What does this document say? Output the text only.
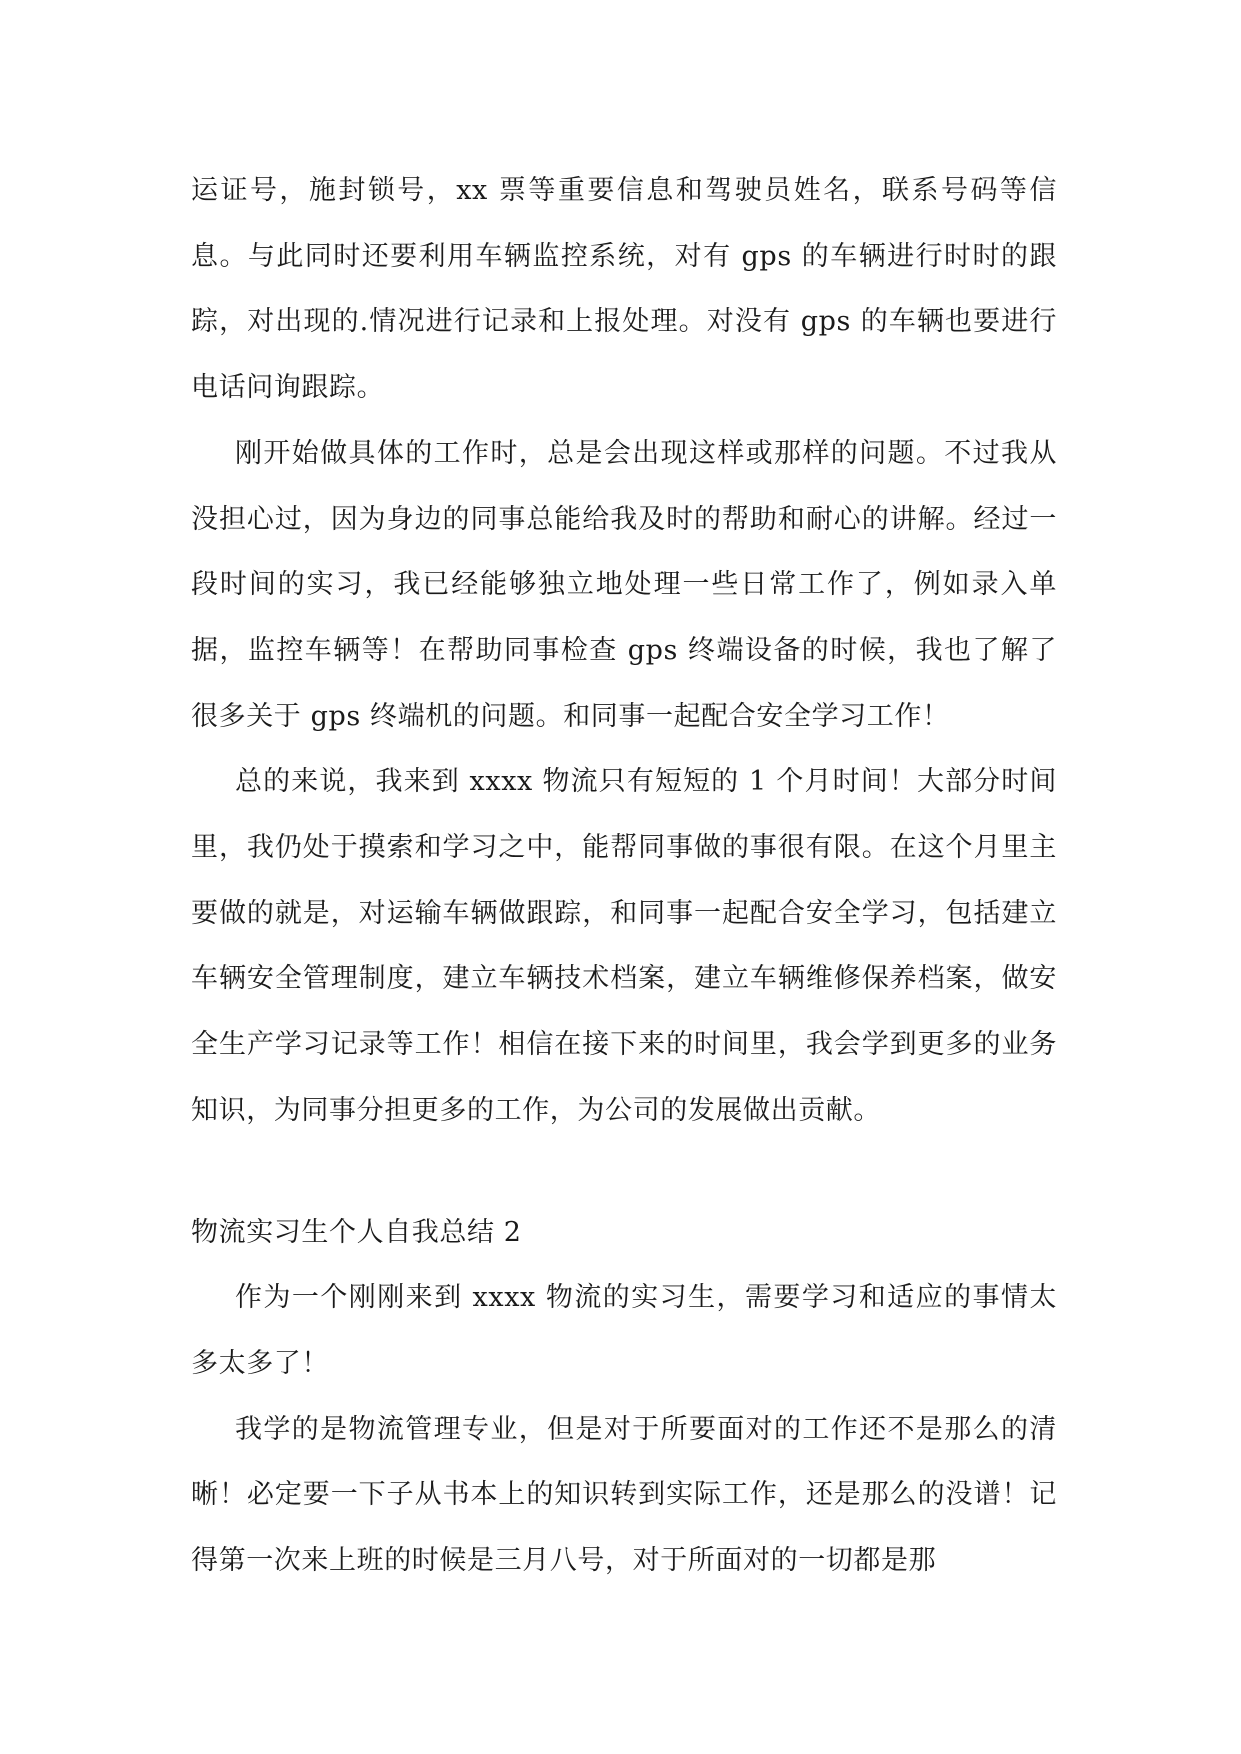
运证号，施封锁号，xx 票等重要信息和驾驶员姓名，联系号码等信息。与此同时还要利用车辆监控系统，对有 gps 的车辆进行时时的跟踪，对出现的.情况进行记录和上报处理。对没有 gps 的车辆也要进行电话问询跟踪。

刚开始做具体的工作时，总是会出现这样或那样的问题。不过我从没担心过，因为身边的同事总能给我及时的帮助和耐心的讲解。经过一段时间的实习，我已经能够独立地处理一些日常工作了，例如录入单据，监控车辆等！在帮助同事检查 gps 终端设备的时候，我也了解了很多关于 gps 终端机的问题。和同事一起配合安全学习工作！

总的来说，我来到 xxxx 物流只有短短的 1 个月时间！大部分时间里，我仍处于摸索和学习之中，能帮同事做的事很有限。在这个月里主要做的就是，对运输车辆做跟踪，和同事一起配合安全学习，包括建立车辆安全管理制度，建立车辆技术档案，建立车辆维修保养档案，做安全生产学习记录等工作！相信在接下来的时间里，我会学到更多的业务知识，为同事分担更多的工作，为公司的发展做出贡献。

物流实习生个人自我总结 2

作为一个刚刚来到 xxxx 物流的实习生，需要学习和适应的事情太多太多了！

我学的是物流管理专业，但是对于所要面对的工作还不是那么的清晰！必定要一下子从书本上的知识转到实际工作，还是那么的没谱！记得第一次来上班的时候是三月八号，对于所面对的一切都是那
